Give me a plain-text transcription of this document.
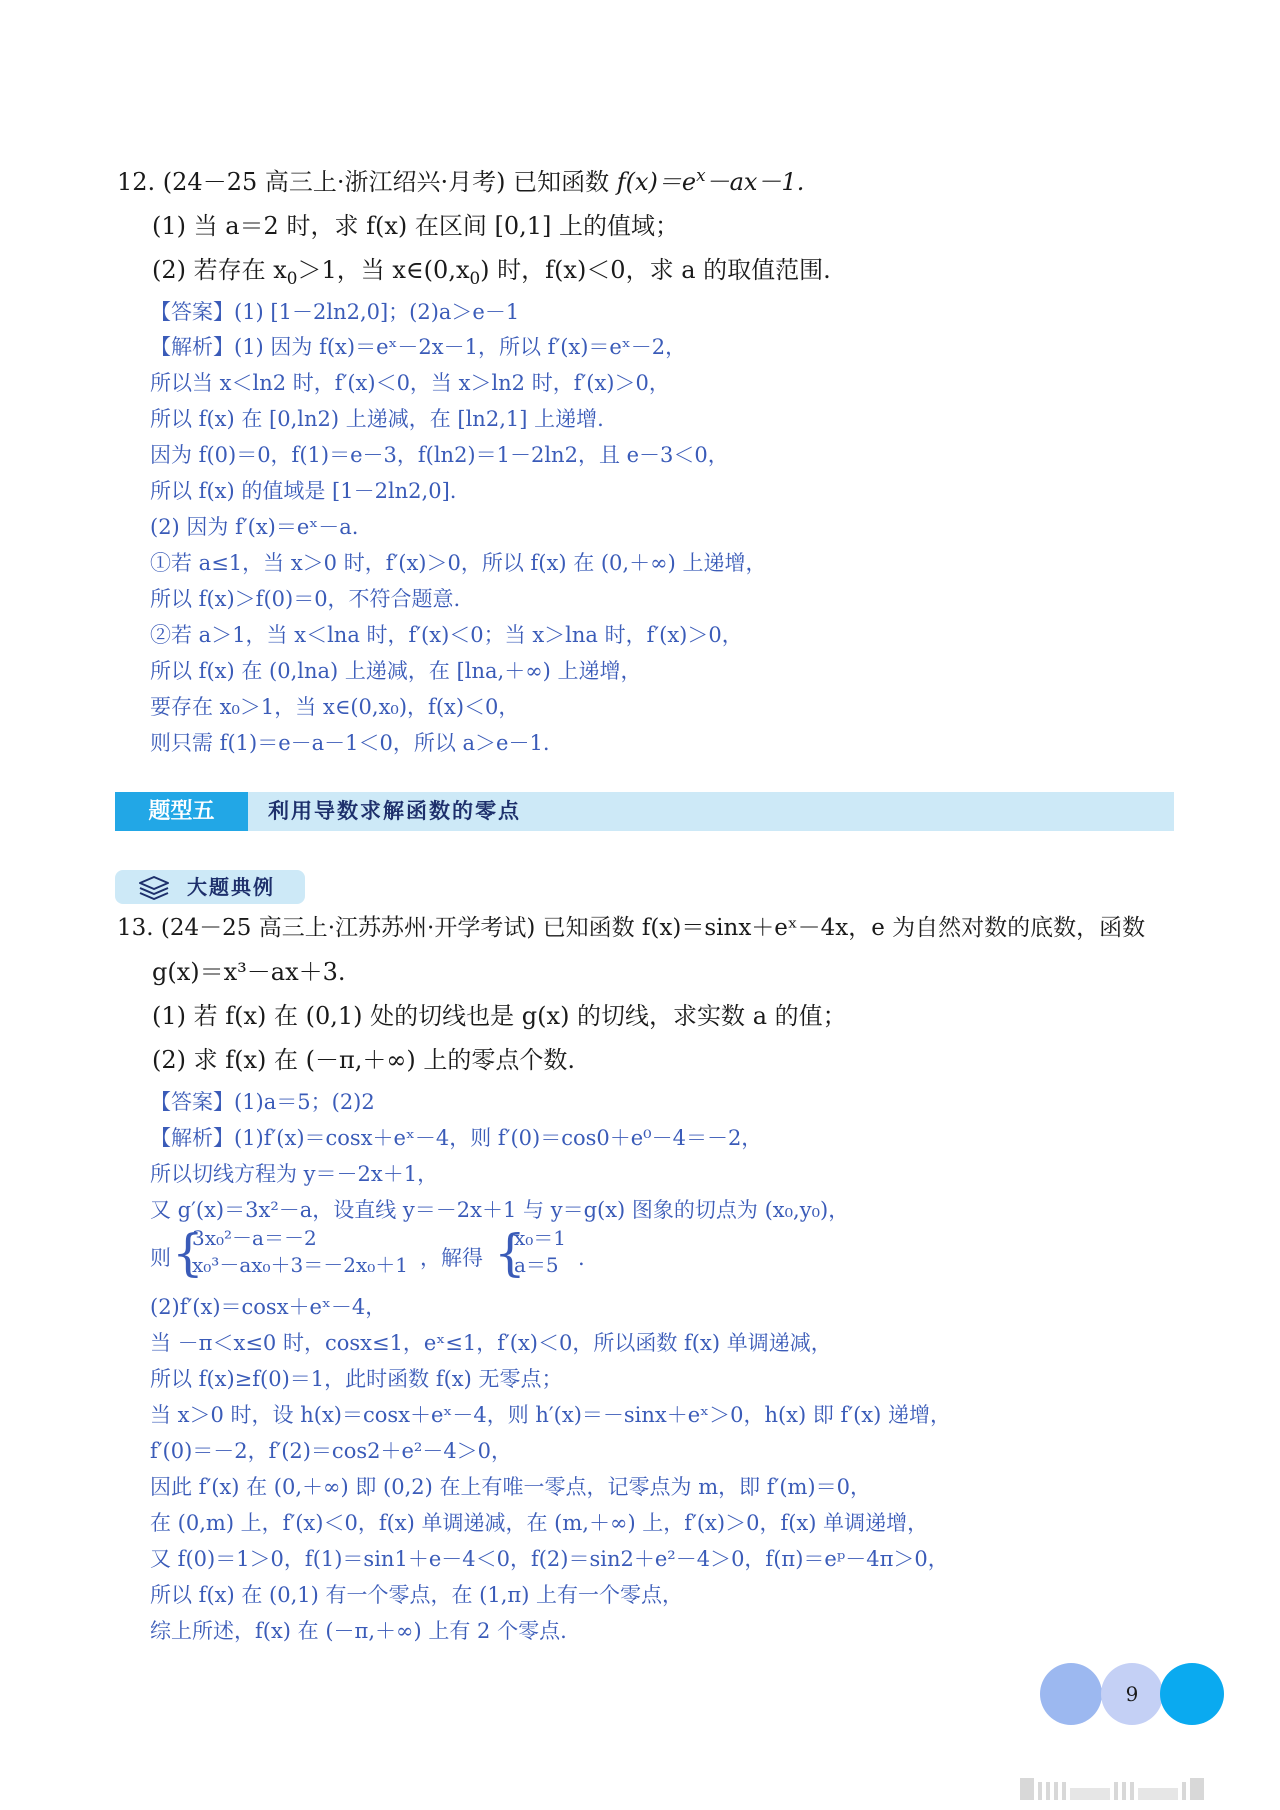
12. (24－25 高三上·浙江绍兴·月考) 已知函数 $f(x)=e^x-ax-1$.
(1) 当 a＝2 时，求 f(x) 在区间 [0,1] 上的值域；
(2) 若存在 $x_0>1$，当 $x\in(0,x_0)$ 时，f(x)＜0，求 a 的取值范围.
【答案】(1) [1－2ln2,0]；(2)a＞e－1
【解析】(1) 因为 f(x)＝eˣ－2x－1，所以 f′(x)＝eˣ－2，
所以当 x＜ln2 时，f′(x)＜0，当 x＞ln2 时，f′(x)＞0，
所以 f(x) 在 [0,ln2) 上递减，在 [ln2,1] 上递增.
因为 f(0)＝0，f(1)＝e－3，f(ln2)＝1－2ln2，且 e－3＜0，
所以 f(x) 的值域是 [1－2ln2,0].
(2) 因为 f′(x)＝eˣ－a.
①若 a≤1，当 x＞0 时，f′(x)＞0，所以 f(x) 在 (0,＋∞) 上递增，
所以 f(x)＞f(0)＝0，不符合题意.
②若 a＞1，当 x＜lna 时，f′(x)＜0；当 x＞lna 时，f′(x)＞0，
所以 f(x) 在 (0,lna) 上递减，在 [lna,＋∞) 上递增，
要存在 x₀＞1，当 x∈(0,x₀)，f(x)＜0，
则只需 f(1)＝e－a－1＜0，所以 a＞e－1.
题型五	利用导数求解函数的零点
大题典例
13. (24－25 高三上·江苏苏州·开学考试) 已知函数 f(x)＝sinx＋eˣ－4x，e 为自然对数的底数，函数
g(x)＝x³－ax＋3.
(1) 若 f(x) 在 (0,1) 处的切线也是 g(x) 的切线，求实数 a 的值；
(2) 求 f(x) 在 (－π,＋∞) 上的零点个数.
【答案】(1)a＝5；(2)2
【解析】(1)f′(x)＝cosx＋eˣ－4，则 f′(0)＝cos0＋e⁰－4＝－2，
所以切线方程为 y＝－2x＋1，
又 g′(x)＝3x²－a，设直线 y＝－2x＋1 与 y＝g(x) 图象的切点为 (x₀,y₀)，
则 {
3x₀²－a＝－2
x₀³－ax₀＋3＝－2x₀＋1 ，解得 {
x₀＝1
a＝5 .
(2)f′(x)＝cosx＋eˣ－4，
当 －π＜x≤0 时，cosx≤1，eˣ≤1，f′(x)＜0，所以函数 f(x) 单调递减，
所以 f(x)≥f(0)＝1，此时函数 f(x) 无零点；
当 x＞0 时，设 h(x)＝cosx＋eˣ－4，则 h′(x)＝－sinx＋eˣ＞0，h(x) 即 f′(x) 递增，
f′(0)＝－2，f′(2)＝cos2＋e²－4＞0，
因此 f′(x) 在 (0,＋∞) 即 (0,2) 在上有唯一零点，记零点为 m，即 f′(m)＝0，
在 (0,m) 上，f′(x)＜0，f(x) 单调递减，在 (m,＋∞) 上，f′(x)＞0，f(x) 单调递增，
又 f(0)＝1＞0，f(1)＝sin1＋e－4＜0，f(2)＝sin2＋e²－4＞0，f(π)＝eᵖ－4π＞0，
所以 f(x) 在 (0,1) 有一个零点，在 (1,π) 上有一个零点，
综上所述，f(x) 在 (－π,＋∞) 上有 2 个零点.
9
